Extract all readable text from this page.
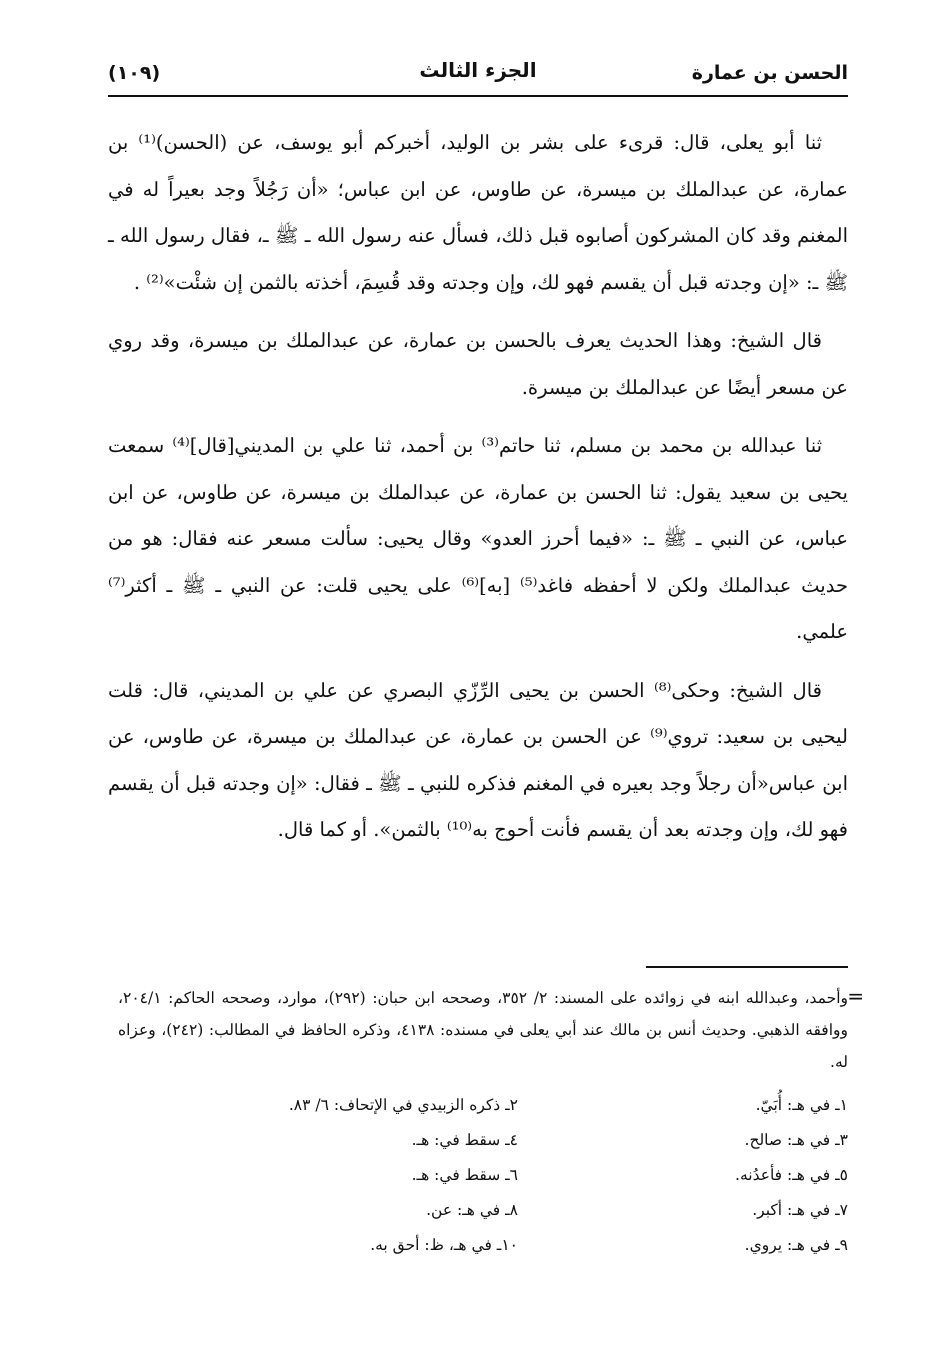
الحسن بن عمارة
الجزء الثالث
(١٠٩)

ثنا أبو يعلى، قال: قرىء على بشر بن الوليد، أخبركم أبو يوسف، عن (الحسن)⁽¹⁾ بن عمارة، عن عبدالملك بن ميسرة، عن طاوس، عن ابن عباس؛ «أن رَجُلاً وجد بعيراً له في المغنم وقد كان المشركون أصابوه قبل ذلك، فسأل عنه رسول الله ـ ﷺ ـ، فقال رسول الله ـ ﷺ ـ: «إن وجدته قبل أن يقسم فهو لك، وإن وجدته وقد قُسِمَ، أخذته بالثمن إن شئْت»⁽²⁾ .

قال الشيخ: وهذا الحديث يعرف بالحسن بن عمارة، عن عبدالملك بن ميسرة، وقد روي عن مسعر أيضًا عن عبدالملك بن ميسرة.

ثنا عبدالله بن محمد بن مسلم، ثنا حاتم⁽³⁾ بن أحمد، ثنا علي بن المديني[قال]⁽⁴⁾ سمعت يحيى بن سعيد يقول: ثنا الحسن بن عمارة، عن عبدالملك بن ميسرة، عن طاوس، عن ابن عباس، عن النبي ـ ﷺ ـ: «فيما أحرز العدو» وقال يحيى: سألت مسعر عنه فقال: هو من حديث عبدالملك ولكن لا أحفظه فاغد⁽⁵⁾ [به]⁽⁶⁾ على يحيى قلت: عن النبي ـ ﷺ ـ أكثر⁽⁷⁾ علمي.

قال الشيخ: وحكى⁽⁸⁾ الحسن بن يحيى الرِّزّي البصري عن علي بن المديني، قال: قلت ليحيى بن سعيد: تروي⁽⁹⁾ عن الحسن بن عمارة، عن عبدالملك بن ميسرة، عن طاوس، عن ابن عباس«أن رجلاً وجد بعيره في المغنم فذكره للنبي ـ ﷺ ـ فقال: «إن وجدته قبل أن يقسم فهو لك، وإن وجدته بعد أن يقسم فأنت أحوج به⁽¹⁰⁾ بالثمن». أو كما قال.

=
وأحمد، وعبدالله ابنه في زوائده على المسند: ٢/ ٣٥٢، وصححه ابن حبان: (٢٩٢)، موارد، وصححه الحاكم: ٢٠٤/١، ووافقه الذهبي. وحديث أنس بن مالك عند أبي يعلى في مسنده: ٤١٣٨، وذكره الحافظ في المطالب: (٢٤٢)، وعزاه له.
١ـ في هـ: أُبَيّ.
٢ـ ذكره الزبيدي في الإتحاف: ٦/ ٨٣.
٣ـ في هـ: صالح.
٤ـ سقط في: هـ.
٥ـ في هـ: فأعدُنه.
٦ـ سقط في: هـ.
٧ـ في هـ: أكبر.
٨ـ في هـ: عن.
٩ـ في هـ: يروي.
١٠ـ في هـ، ظ: أحق به.
